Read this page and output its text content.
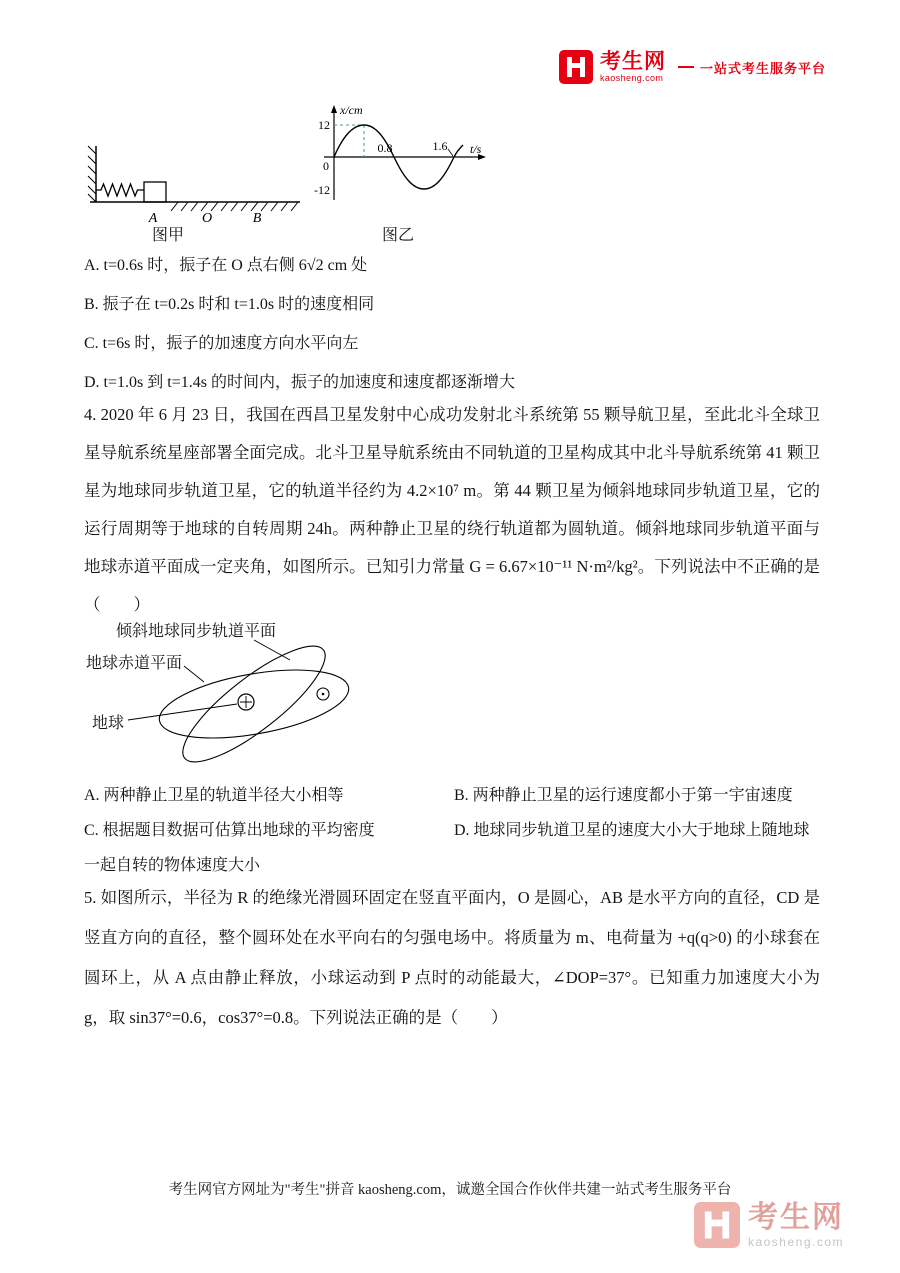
考生网
kaosheng.com
一站式考生服务平台
A	O	B
图甲
x/cm
12
0
-12
0.8	1.6 t/s
图乙
A. t=0.6s 时，振子在 O 点右侧 6√2 cm 处
B. 振子在 t=0.2s 时和 t=1.0s 时的速度相同
C. t=6s 时，振子的加速度方向水平向左
D. t=1.0s 到 t=1.4s 的时间内，振子的加速度和速度都逐渐增大
4. 2020 年 6 月 23 日，我国在西昌卫星发射中心成功发射北斗系统第 55 颗导航卫星，至此北斗全球卫星导航系统星座部署全面完成。北斗卫星导航系统由不同轨道的卫星构成其中北斗导航系统第 41 颗卫星为地球同步轨道卫星，它的轨道半径约为 4.2×10⁷ m。第 44 颗卫星为倾斜地球同步轨道卫星，它的运行周期等于地球的自转周期 24h。两种静止卫星的绕行轨道都为圆轨道。倾斜地球同步轨道平面与地球赤道平面成一定夹角，如图所示。已知引力常量 G = 6.67×10⁻¹¹ N·m²/kg²。下列说法中不正确的是（　　）
倾斜地球同步轨道平面
地球赤道平面
地球
A. 两种静止卫星的轨道半径大小相等	B. 两种静止卫星的运行速度都小于第一宇宙速度
C. 根据题目数据可估算出地球的平均密度	D. 地球同步轨道卫星的速度大小大于地球上随地球
一起自转的物体速度大小
5. 如图所示，半径为 R 的绝缘光滑圆环固定在竖直平面内，O 是圆心，AB 是水平方向的直径，CD 是竖直方向的直径，整个圆环处在水平向右的匀强电场中。将质量为 m、电荷量为 +q(q>0) 的小球套在圆环上，从 A 点由静止释放，小球运动到 P 点时的动能最大，∠DOP=37°。已知重力加速度大小为 g，取 sin37°=0.6，cos37°=0.8。下列说法正确的是（　　）
考生网官方网址为"考生"拼音 kaosheng.com，诚邀全国合作伙伴共建一站式考生服务平台
考生网
kaosheng.com
